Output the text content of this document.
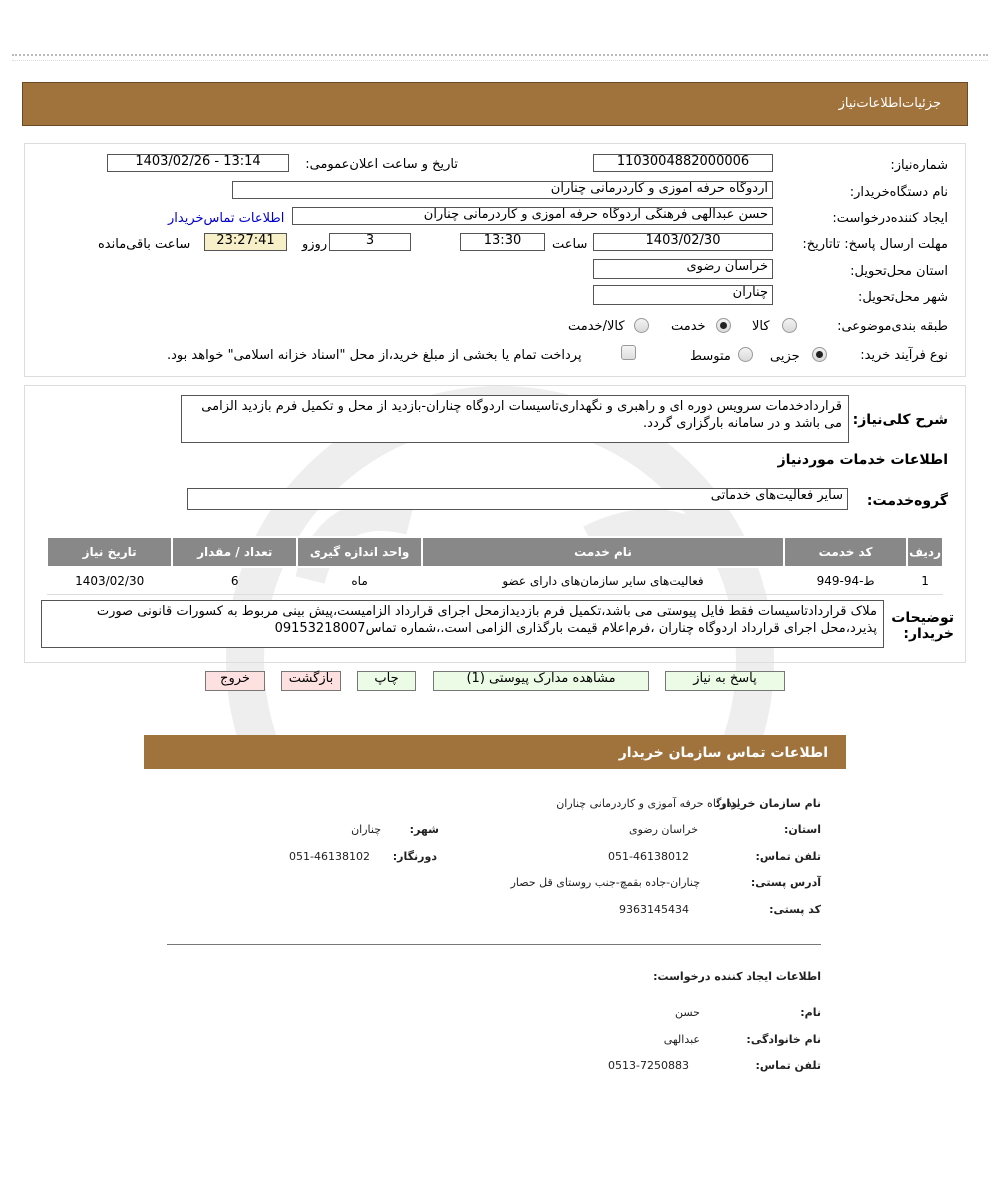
جزئیات‌اطلاعات‌نیاز
شماره‌نیاز:
1103004882000006
تاریخ و ساعت اعلان‌عمومی:
1403/02/26 - 13:14
نام دستگاه‌خریدار:
اردوگاه حرفه آموزی و کاردرمانی چناران
ایجاد کننده‌درخواست:
حسن عبدالهی فرهنگی اردوگاه حرفه آموزی و کاردرمانی چناران
اطلاعات تماس‌خریدار
مهلت ارسال پاسخ: تاتاریخ:
1403/02/30
ساعت
13:30
3
روزو
23:27:41
ساعت باقی‌مانده
استان محل‌تحویل:
خراسان رضوی
شهر محل‌تحویل:
چناران
طبقه بندی‌موضوعی:
کالا
خدمت
کالا/خدمت
نوع فرآیند خرید:
جزیی
متوسط
پرداخت تمام یا بخشی از مبلغ خرید،از محل "اسناد خزانه اسلامی" خواهد بود.
شرح کلی‌نیاز:
قراردادخدمات سرویس دوره ای و راهبری و نگهداری‌تاسیسات اردوگاه چناران-بازدید از محل و تکمیل فرم بازدید الزامی می باشد و در سامانه بارگزاری گردد.
اطلاعات خدمات مورد‌نیاز
گروه‌خدمت:
سایر فعالیت‌های خدماتی
ردیف	کد خدمت	نام خدمت	واحد اندازه گیری	تعداد / مقدار	تاریخ نیاز
1	ط-94-949	فعالیت‌های سایر سازمان‌های دارای عضو	ماه	6	1403/02/30
توضیحات خریدار:
ملاک قراردادتاسیسات فقط فایل پیوستی می باشد،تکمیل فرم بازدیدازمحل اجرای قرارداد الزامیست،پیش بینی مربوط به کسورات قانونی صورت پذیرد،محل اجرای قرارداد اردوگاه چناران ،فرم‌اعلام قیمت بارگذاری الزامی است.،شماره تماس09153218007
پاسخ به نیاز
مشاهده مدارک پیوستی (1)
چاپ
بازگشت
خروج
اطلاعات تماس سازمان خریدار
نام سازمان خریدار:
اردوگاه حرفه آموزی و کاردرمانی چناران
استان:
خراسان رضوی
شهر:
چناران
تلفن تماس:
051-46138012
دورنگار:
051-46138102
آدرس پستی:
چناران-جاده بقمچ-جنب روستای قل حصار
کد پستی:
9363145434
اطلاعات ایجاد کننده درخواست:
نام:
حسن
نام خانوادگی:
عبدالهی
تلفن تماس:
0513-7250883
